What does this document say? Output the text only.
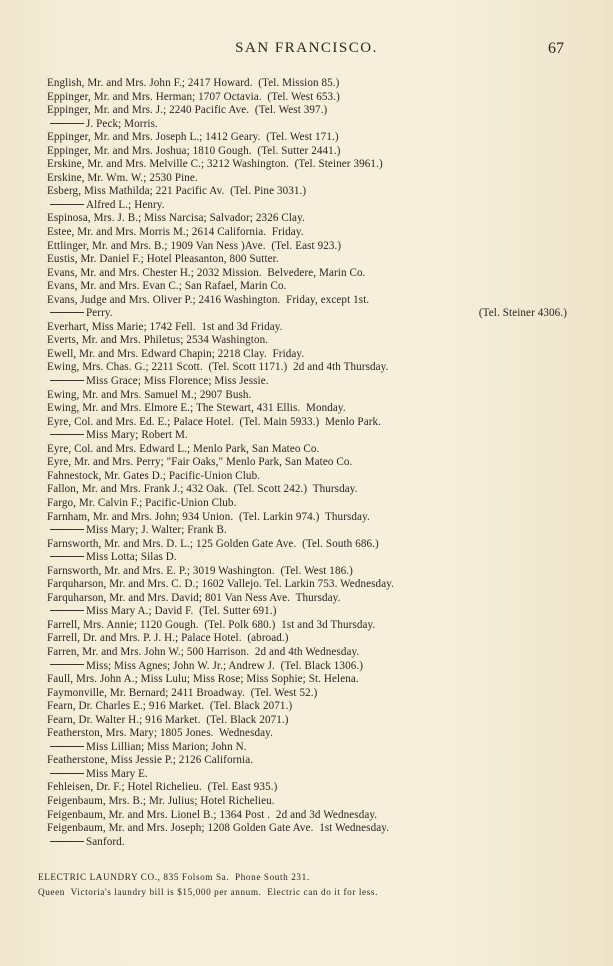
SAN FRANCISCO.	67
English, Mr. and Mrs. John F.; 2417 Howard.  (Tel. Mission 85.)
Eppinger, Mr. and Mrs. Herman; 1707 Octavia.  (Tel. West 653.)
Eppinger, Mr. and Mrs. J.; 2240 Pacific Ave.  (Tel. West 397.)
J. Peck; Morris.
Eppinger, Mr. and Mrs. Joseph L.; 1412 Geary.  (Tel. West 171.)
Eppinger, Mr. and Mrs. Joshua; 1810 Gough.  (Tel. Sutter 2441.)
Erskine, Mr. and Mrs. Melville C.; 3212 Washington.  (Tel. Steiner 3961.)
Erskine, Mr. Wm. W.; 2530 Pine.
Esberg, Miss Mathilda; 221 Pacific Av.  (Tel. Pine 3031.)
Alfred L.; Henry.
Espinosa, Mrs. J. B.; Miss Narcisa; Salvador; 2326 Clay.
Estee, Mr. and Mrs. Morris M.; 2614 California.  Friday.
Ettlinger, Mr. and Mrs. B.; 1909 Van Ness )Ave.  (Tel. East 923.)
Eustis, Mr. Daniel F.; Hotel Pleasanton, 800 Sutter.
Evans, Mr. and Mrs. Chester H.; 2032 Mission.  Belvedere, Marin Co.
Evans, Mr. and Mrs. Evan C.; San Rafael, Marin Co.
Evans, Judge and Mrs. Oliver P.; 2416 Washington.  Friday, except 1st.
Perry.	(Tel. Steiner 4306.)
Everhart, Miss Marie; 1742 Fell.  1st and 3d Friday.
Everts, Mr. and Mrs. Philetus; 2534 Washington.
Ewell, Mr. and Mrs. Edward Chapin; 2218 Clay.  Friday.
Ewing, Mrs. Chas. G.; 2211 Scott.  (Tel. Scott 1171.)  2d and 4th Thursday.
Miss Grace; Miss Florence; Miss Jessie.
Ewing, Mr. and Mrs. Samuel M.; 2907 Bush.
Ewing, Mr. and Mrs. Elmore E.; The Stewart, 431 Ellis.  Monday.
Eyre, Col. and Mrs. Ed. E.; Palace Hotel.  (Tel. Main 5933.)  Menlo Park.
Miss Mary; Robert M.
Eyre, Col. and Mrs. Edward L.; Menlo Park, San Mateo Co.
Eyre, Mr. and Mrs. Perry; "Fair Oaks," Menlo Park, San Mateo Co.
Fahnestock, Mr. Gates D.; Pacific-Union Club.
Fallon, Mr. and Mrs. Frank J.; 432 Oak.  (Tel. Scott 242.)  Thursday.
Fargo, Mr. Calvin F.; Pacific-Union Club.
Farnham, Mr. and Mrs. John; 934 Union.  (Tel. Larkin 974.)  Thursday.
Miss Mary; J. Walter; Frank B.
Farnsworth, Mr. and Mrs. D. L.; 125 Golden Gate Ave.  (Tel. South 686.)
Miss Lotta; Silas D.
Farnsworth, Mr. and Mrs. E. P.; 3019 Washington.  (Tel. West 186.)
Farquharson, Mr. and Mrs. C. D.; 1602 Vallejo. Tel. Larkin 753. Wednesday.
Farquharson, Mr. and Mrs. David; 801 Van Ness Ave.  Thursday.
Miss Mary A.; David F.  (Tel. Sutter 691.)
Farrell, Mrs. Annie; 1120 Gough.  (Tel. Polk 680.)  1st and 3d Thursday.
Farrell, Dr. and Mrs. P. J. H.; Palace Hotel.  (abroad.)
Farren, Mr. and Mrs. John W.; 500 Harrison.  2d and 4th Wednesday.
Miss; Miss Agnes; John W. Jr.; Andrew J.  (Tel. Black 1306.)
Faull, Mrs. John A.; Miss Lulu; Miss Rose; Miss Sophie; St. Helena.
Faymonville, Mr. Bernard; 2411 Broadway.  (Tel. West 52.)
Fearn, Dr. Charles E.; 916 Market.  (Tel. Black 2071.)
Fearn, Dr. Walter H.; 916 Market.  (Tel. Black 2071.)
Featherston, Mrs. Mary; 1805 Jones.  Wednesday.
Miss Lillian; Miss Marion; John N.
Featherstone, Miss Jessie P.; 2126 California.
Miss Mary E.
Fehleisen, Dr. F.; Hotel Richelieu.  (Tel. East 935.)
Feigenbaum, Mrs. B.; Mr. Julius; Hotel Richelieu.
Feigenbaum, Mr. and Mrs. Lionel B.; 1364 Post .  2d and 3d Wednesday.
Feigenbaum, Mr. and Mrs. Joseph; 1208 Golden Gate Ave.  1st Wednesday.
Sanford.
ELECTRIC LAUNDRY CO., 835 Folsom Sa.  Phone South 231.
Queen  Victoria's laundry bill is $15,000 per annum.  Electric can do it for less.
